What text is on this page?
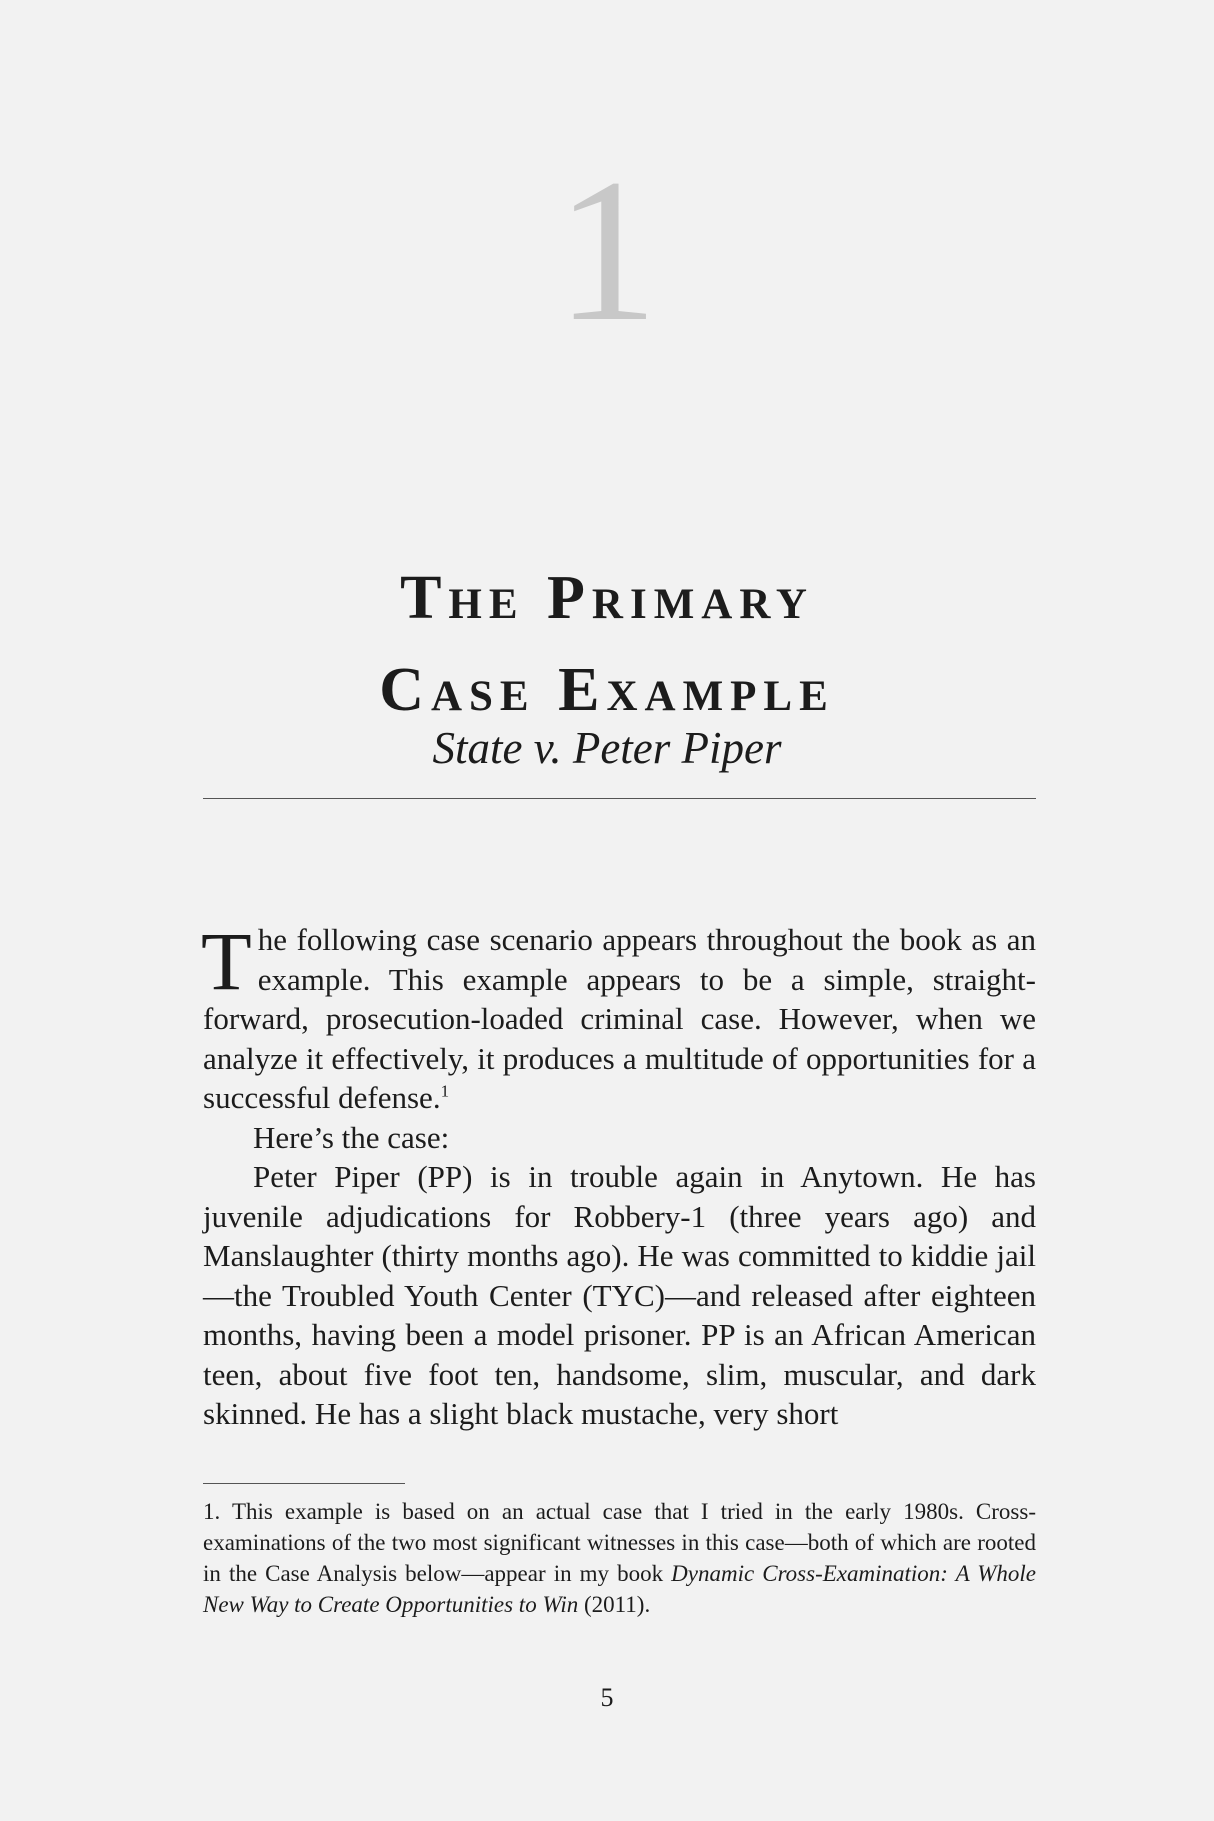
1
The Primary
Case Example
State v. Peter Piper

The following case scenario appears throughout the book as an example. This example appears to be a simple, straight-forward, prosecution-loaded criminal case. However, when we analyze it effectively, it produces a multitude of opportunities for a successful defense.$^1$

Here’s the case:

Peter Piper (PP) is in trouble again in Anytown. He has juvenile adjudications for Robbery-1 (three years ago) and Manslaughter (thirty months ago). He was committed to kiddie jail—the Troubled Youth Center (TYC)—and released after eighteen months, having been a model prisoner. PP is an African American teen, about five foot ten, handsome, slim, muscular, and dark skinned. He has a slight black mustache, very short

1. This example is based on an actual case that I tried in the early 1980s. Cross-examinations of the two most significant witnesses in this case—both of which are rooted in the Case Analysis below—appear in my book Dynamic Cross-Examination: A Whole New Way to Create Opportunities to Win (2011).

5
